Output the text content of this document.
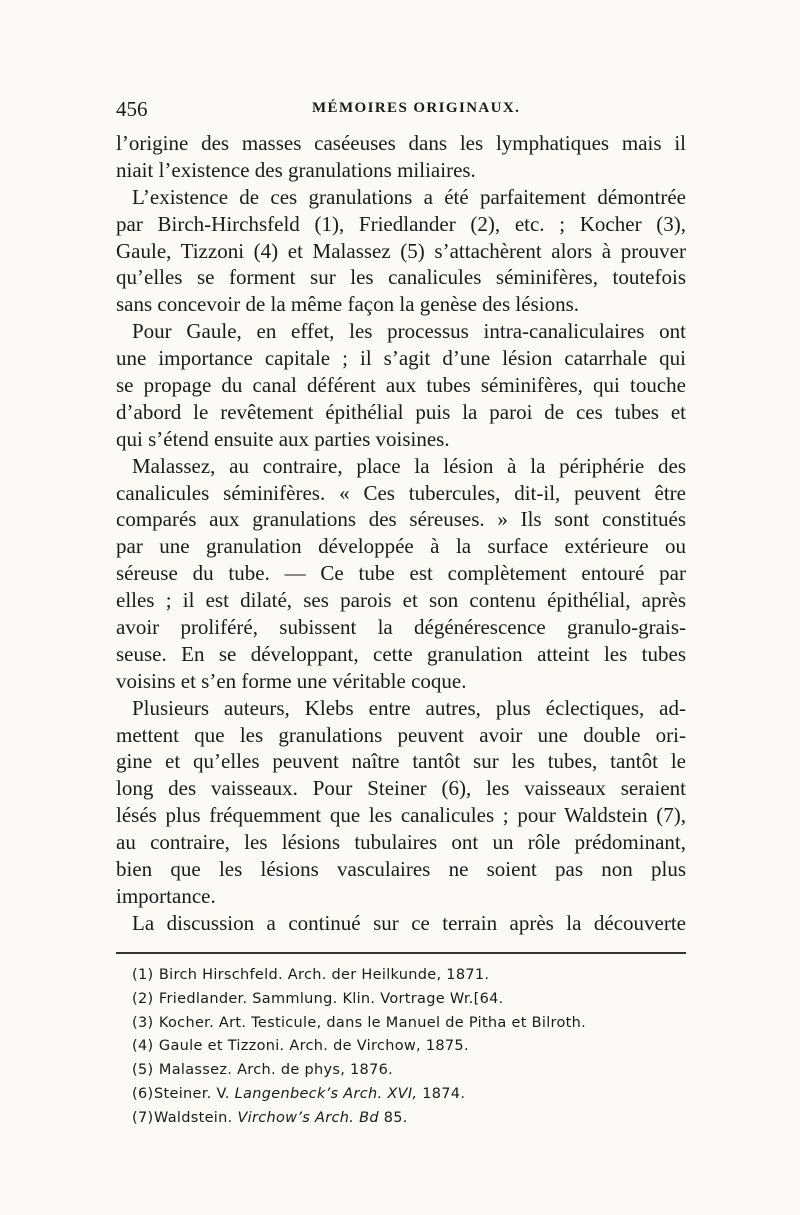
456	MÉMOIRES ORIGINAUX.
l’origine des masses caséeuses dans les lymphatiques mais il
niait l’existence des granulations miliaires.
L’existence de ces granulations a été parfaitement démontrée
par Birch-Hirchsfeld (1), Friedlander (2), etc. ; Kocher (3),
Gaule, Tizzoni (4) et Malassez (5) s’attachèrent alors à prouver
qu’elles se forment sur les canalicules séminifères, toutefois
sans concevoir de la même façon la genèse des lésions.
Pour Gaule, en effet, les processus intra-canaliculaires ont
une importance capitale ; il s’agit d’une lésion catarrhale qui
se propage du canal déférent aux tubes séminifères, qui touche
d’abord le revêtement épithélial puis la paroi de ces tubes et
qui s’étend ensuite aux parties voisines.
Malassez, au contraire, place la lésion à la périphérie des
canalicules séminifères. « Ces tubercules, dit-il, peuvent être
comparés aux granulations des séreuses. » Ils sont constitués
par une granulation développée à la surface extérieure ou
séreuse du tube. — Ce tube est complètement entouré par
elles ; il est dilaté, ses parois et son contenu épithélial, après
avoir proliféré, subissent la dégénérescence granulo-grais-
seuse. En se développant, cette granulation atteint les tubes
voisins et s’en forme une véritable coque.
Plusieurs auteurs, Klebs entre autres, plus éclectiques, ad-
mettent que les granulations peuvent avoir une double ori-
gine et qu’elles peuvent naître tantôt sur les tubes, tantôt le
long des vaisseaux. Pour Steiner (6), les vaisseaux seraient
lésés plus fréquemment que les canalicules ; pour Waldstein (7),
au contraire, les lésions tubulaires ont un rôle prédominant,
bien que les lésions vasculaires ne soient pas non plus
importance.
La discussion a continué sur ce terrain après la découverte
(1) Birch Hirschfeld. Arch. der Heilkunde, 1871.
(2) Friedlander. Sammlung. Klin. Vortrage Wr.[64.
(3) Kocher. Art. Testicule, dans le Manuel de Pitha et Bilroth.
(4) Gaule et Tizzoni. Arch. de Virchow, 1875.
(5) Malassez. Arch. de phys, 1876.
(6)Steiner. V. Langenbeck’s Arch. XVI, 1874.
(7)Waldstein. Virchow’s Arch. Bd 85.
